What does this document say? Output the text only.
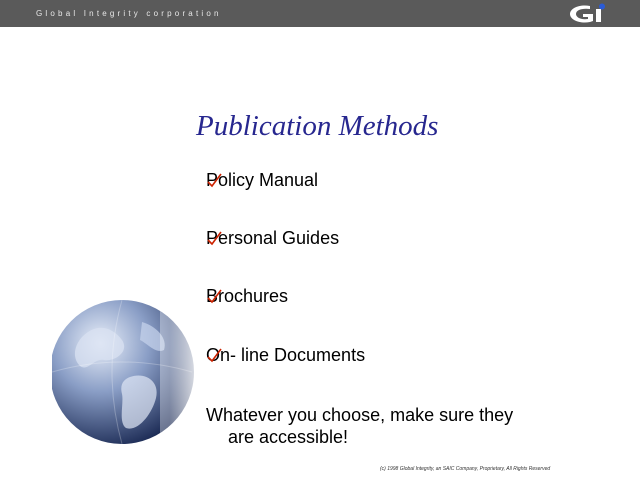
Global Integrity corporation
Publication Methods
Policy Manual
Personal Guides
Brochures
On- line Documents
Whatever you choose, make sure they
are accessible!
(c) 1998 Global Integrity, an SAIC Company, Proprietary, All Rights Reserved
